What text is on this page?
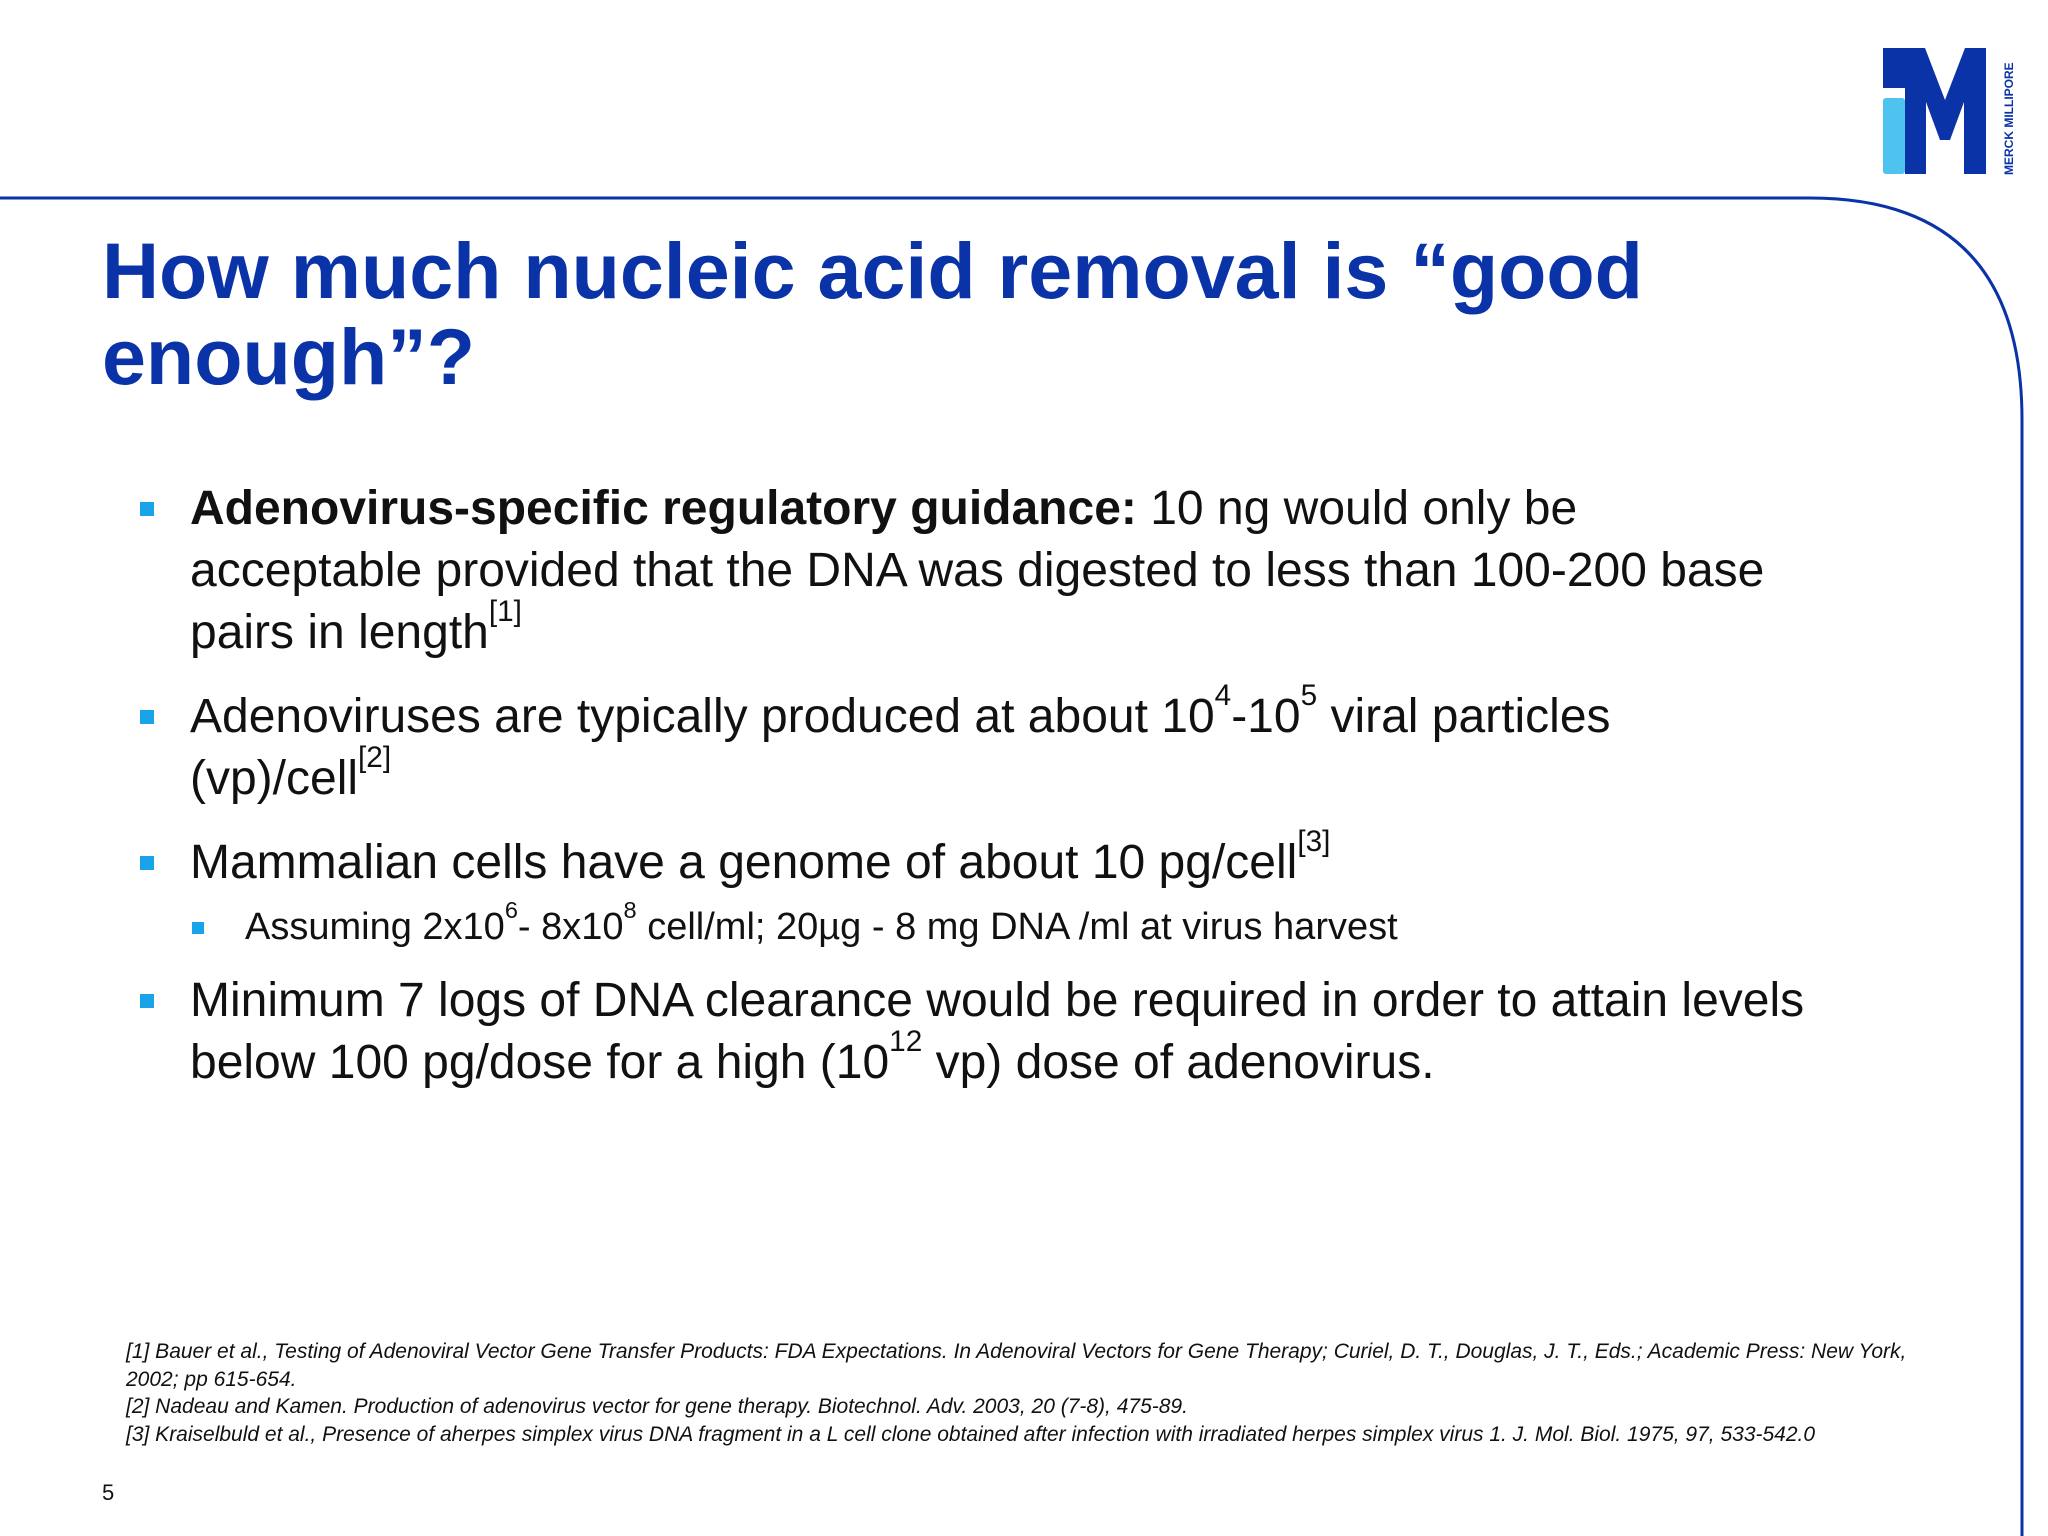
MERCK MILLIPORE
How much nucleic acid removal is “good enough”?
Adenovirus-specific regulatory guidance: 10 ng would only be acceptable provided that the DNA was digested to less than 100-200 base pairs in length[1]
Adenoviruses are typically produced at about $10^4-10^5$ viral particles (vp)/cell[2]
Mammalian cells have a genome of about 10 pg/cell[3]
Assuming $2x10^6-$ $8x10^8$ cell/ml; 20µg - 8 mg DNA /ml at virus harvest
Minimum 7 logs of DNA clearance would be required in order to attain levels below 100 pg/dose for a high ($10^{12}$ vp) dose of adenovirus.
[1] Bauer et al., Testing of Adenoviral Vector Gene Transfer Products: FDA Expectations. In Adenoviral Vectors for Gene Therapy; Curiel, D. T., Douglas, J. T., Eds.; Academic Press: New York, 2002; pp 615-654.
[2] Nadeau and Kamen. Production of adenovirus vector for gene therapy. Biotechnol. Adv. 2003, 20 (7-8), 475-89.
[3] Kraiselbuld et al., Presence of aherpes simplex virus DNA fragment in a L cell clone obtained after infection with irradiated herpes simplex virus 1. J. Mol. Biol. 1975, 97, 533-542.0
5
